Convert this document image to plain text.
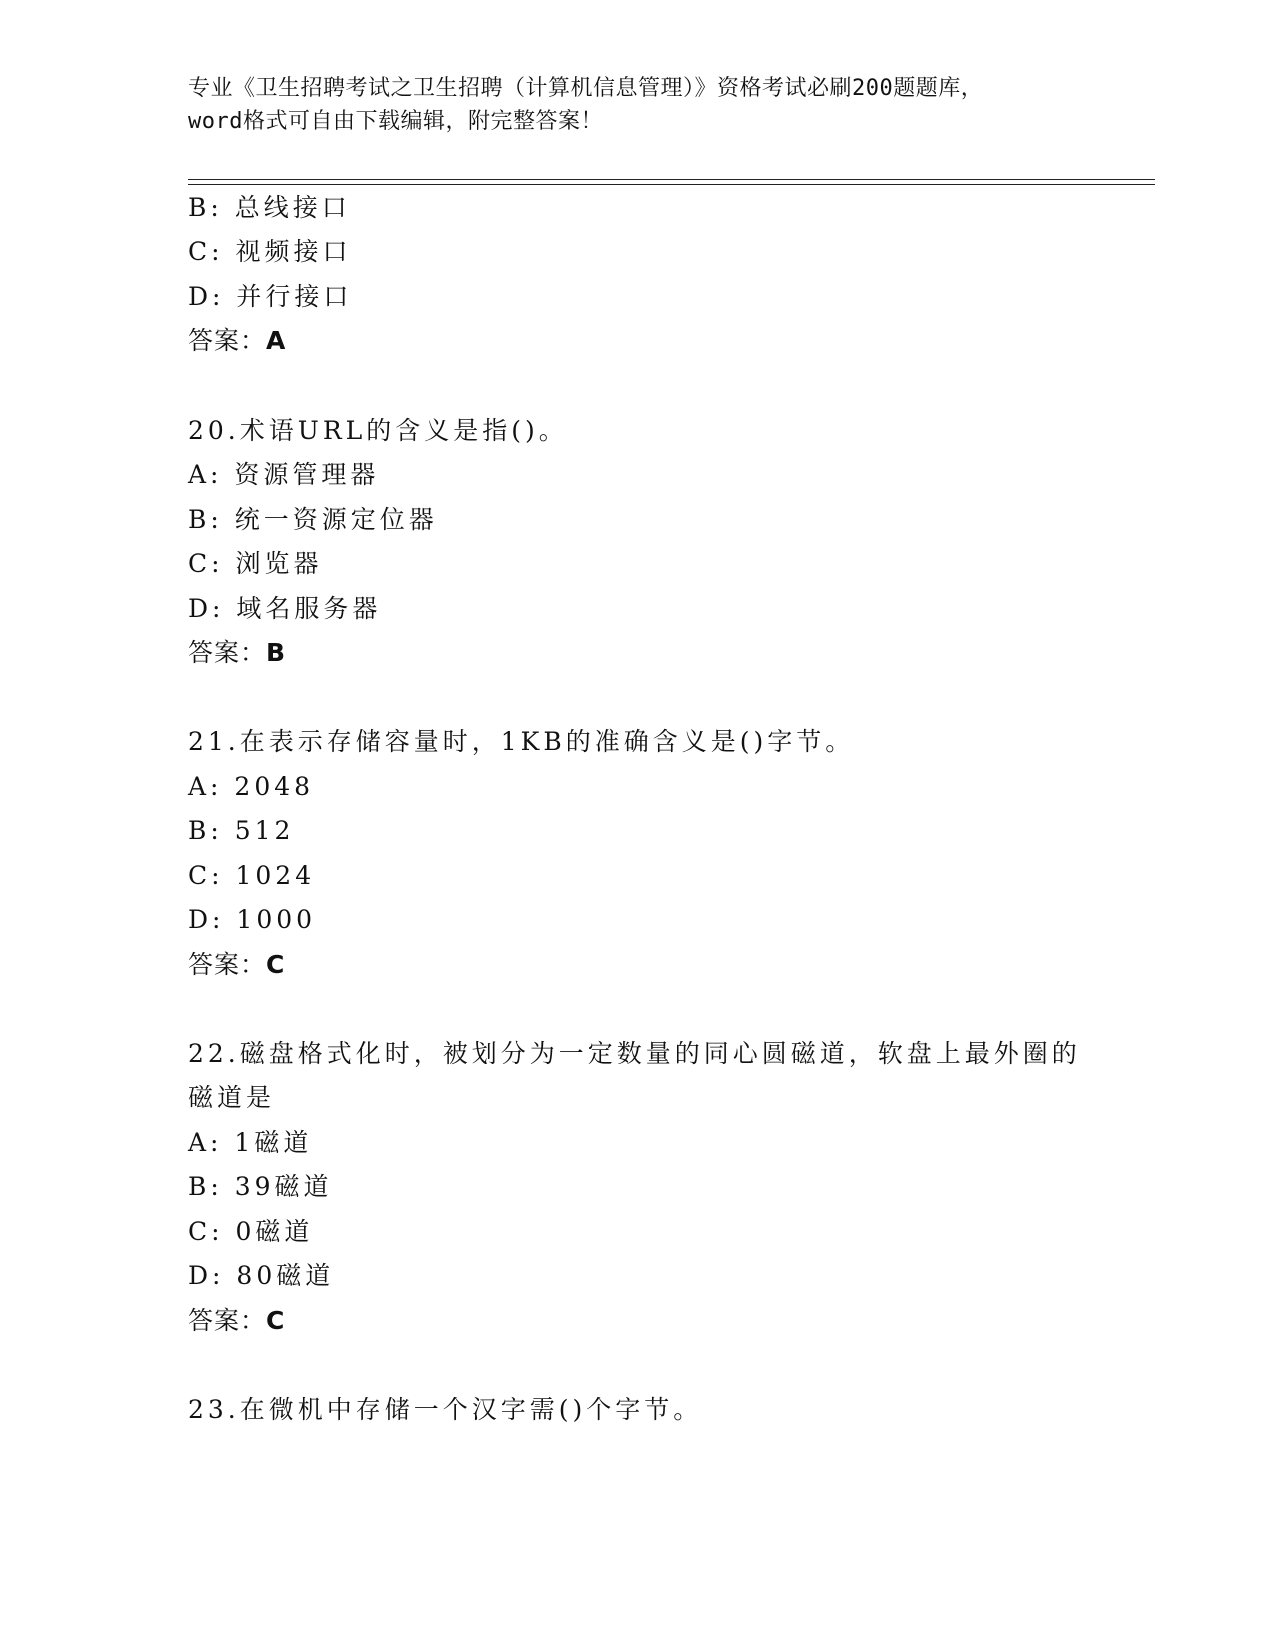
专业《卫生招聘考试之卫生招聘（计算机信息管理）》资格考试必刷200题题库，
word格式可自由下载编辑，附完整答案！
B: 总线接口
C: 视频接口
D: 并行接口
答案：A
20.术语URL的含义是指()。
A: 资源管理器
B: 统一资源定位器
C: 浏览器
D: 域名服务器
答案：B
21.在表示存储容量时，1KB的准确含义是()字节。
A: 2048
B: 512
C: 1024
D: 1000
答案：C
22.磁盘格式化时，被划分为一定数量的同心圆磁道，软盘上最外圈的
磁道是
A: 1磁道
B: 39磁道
C: 0磁道
D: 80磁道
答案：C
23.在微机中存储一个汉字需()个字节。
